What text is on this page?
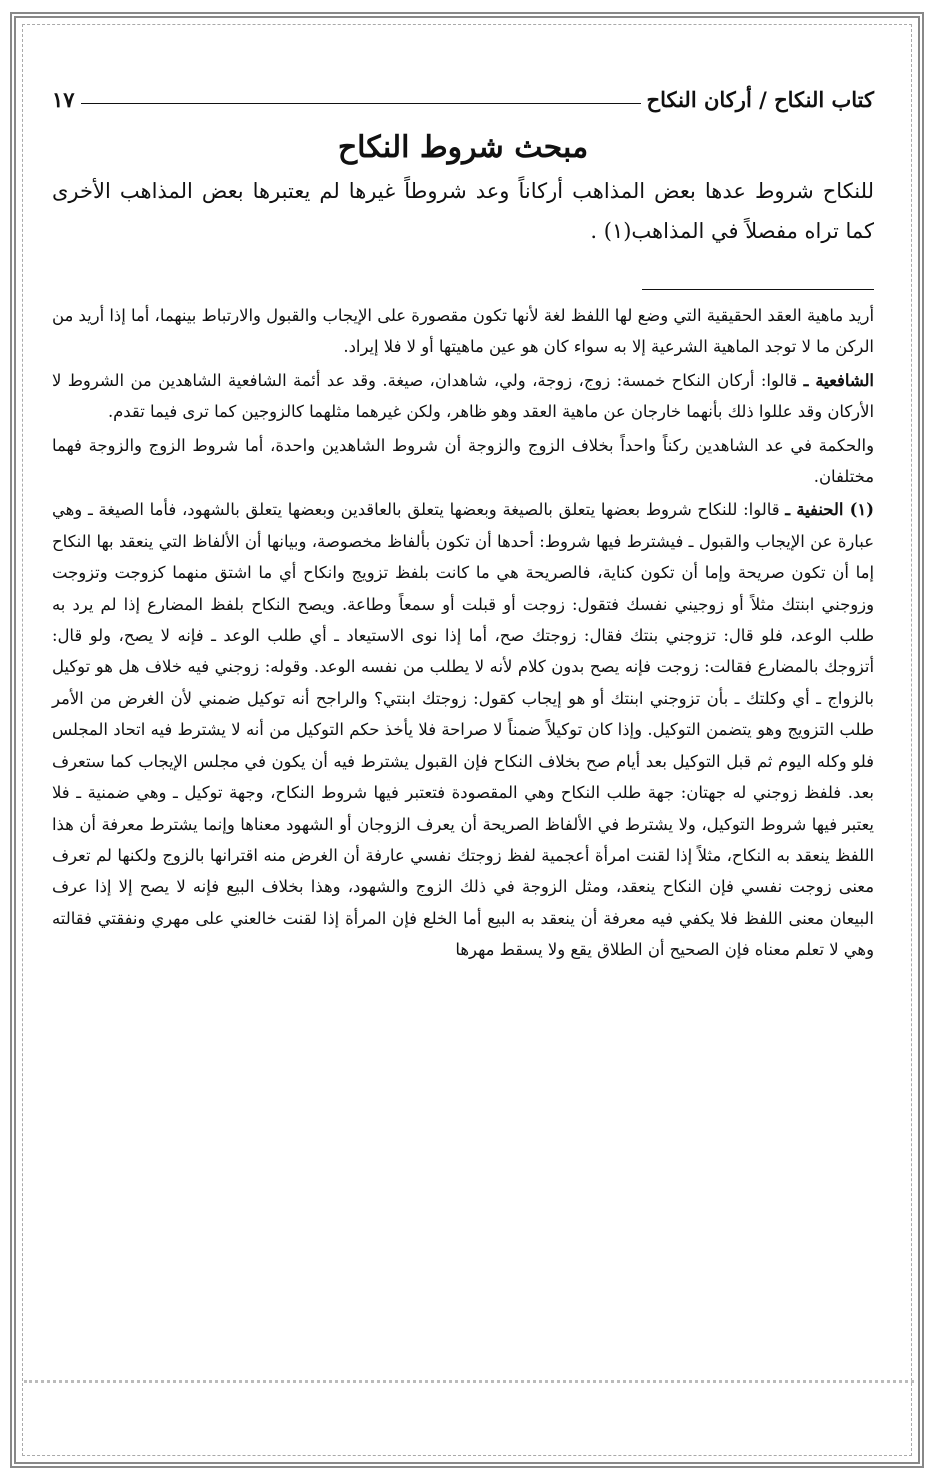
كتاب النكاح / أركان النكاح
١٧
مبحث شروط النكاح

للنكاح شروط عدها بعض المذاهب أركاناً وعد شروطاً غيرها لم يعتبرها بعض المذاهب الأخرى كما تراه مفصلاً في المذاهب(١) .

أريد ماهية العقد الحقيقية التي وضع لها اللفظ لغة لأنها تكون مقصورة على الإيجاب والقبول والارتباط بينهما، أما إذا أريد من الركن ما لا توجد الماهية الشرعية إلا به سواء كان هو عين ماهيتها أو لا فلا إيراد.

الشافعية ـ قالوا: أركان النكاح خمسة: زوج، زوجة، ولي، شاهدان، صيغة. وقد عد أئمة الشافعية الشاهدين من الشروط لا الأركان وقد عللوا ذلك بأنهما خارجان عن ماهية العقد وهو ظاهر، ولكن غيرهما مثلهما كالزوجين كما ترى فيما تقدم.

والحكمة في عد الشاهدين ركناً واحداً بخلاف الزوج والزوجة أن شروط الشاهدين واحدة، أما شروط الزوج والزوجة فهما مختلفان.

(١) الحنفية ـ قالوا: للنكاح شروط بعضها يتعلق بالصيغة وبعضها يتعلق بالعاقدين وبعضها يتعلق بالشهود، فأما الصيغة ـ وهي عبارة عن الإيجاب والقبول ـ فيشترط فيها شروط: أحدها أن تكون بألفاظ مخصوصة، وبيانها أن الألفاظ التي ينعقد بها النكاح إما أن تكون صريحة وإما أن تكون كناية، فالصريحة هي ما كانت بلفظ تزويج وانكاح أي ما اشتق منهما كزوجت وتزوجت وزوجني ابنتك مثلاً أو زوجيني نفسك فتقول: زوجت أو قبلت أو سمعاً وطاعة. ويصح النكاح بلفظ المضارع إذا لم يرد به طلب الوعد، فلو قال: تزوجني بنتك فقال: زوجتك صح، أما إذا نوى الاستيعاد ـ أي طلب الوعد ـ فإنه لا يصح، ولو قال: أتزوجك بالمضارع فقالت: زوجت فإنه يصح بدون كلام لأنه لا يطلب من نفسه الوعد. وقوله: زوجني فيه خلاف هل هو توكيل بالزواج ـ أي وكلتك ـ بأن تزوجني ابنتك أو هو إيجاب كقول: زوجتك ابنتي؟ والراجح أنه توكيل ضمني لأن الغرض من الأمر طلب التزويج وهو يتضمن التوكيل. وإذا كان توكيلاً ضمناً لا صراحة فلا يأخذ حكم التوكيل من أنه لا يشترط فيه اتحاد المجلس فلو وكله اليوم ثم قبل التوكيل بعد أيام صح بخلاف النكاح فإن القبول يشترط فيه أن يكون في مجلس الإيجاب كما ستعرف بعد. فلفظ زوجني له جهتان: جهة طلب النكاح وهي المقصودة فتعتبر فيها شروط النكاح، وجهة توكيل ـ وهي ضمنية ـ فلا يعتبر فيها شروط التوكيل، ولا يشترط في الألفاظ الصريحة أن يعرف الزوجان أو الشهود معناها وإنما يشترط معرفة أن هذا اللفظ ينعقد به النكاح، مثلاً إذا لقنت امرأة أعجمية لفظ زوجتك نفسي عارفة أن الغرض منه اقترانها بالزوج ولكنها لم تعرف معنى زوجت نفسي فإن النكاح ينعقد، ومثل الزوجة في ذلك الزوج والشهود، وهذا بخلاف البيع فإنه لا يصح إلا إذا عرف البيعان معنى اللفظ فلا يكفي فيه معرفة أن ينعقد به البيع أما الخلع فإن المرأة إذا لقنت خالعني على مهري ونفقتي فقالته وهي لا تعلم معناه فإن الصحيح أن الطلاق يقع ولا يسقط مهرها
